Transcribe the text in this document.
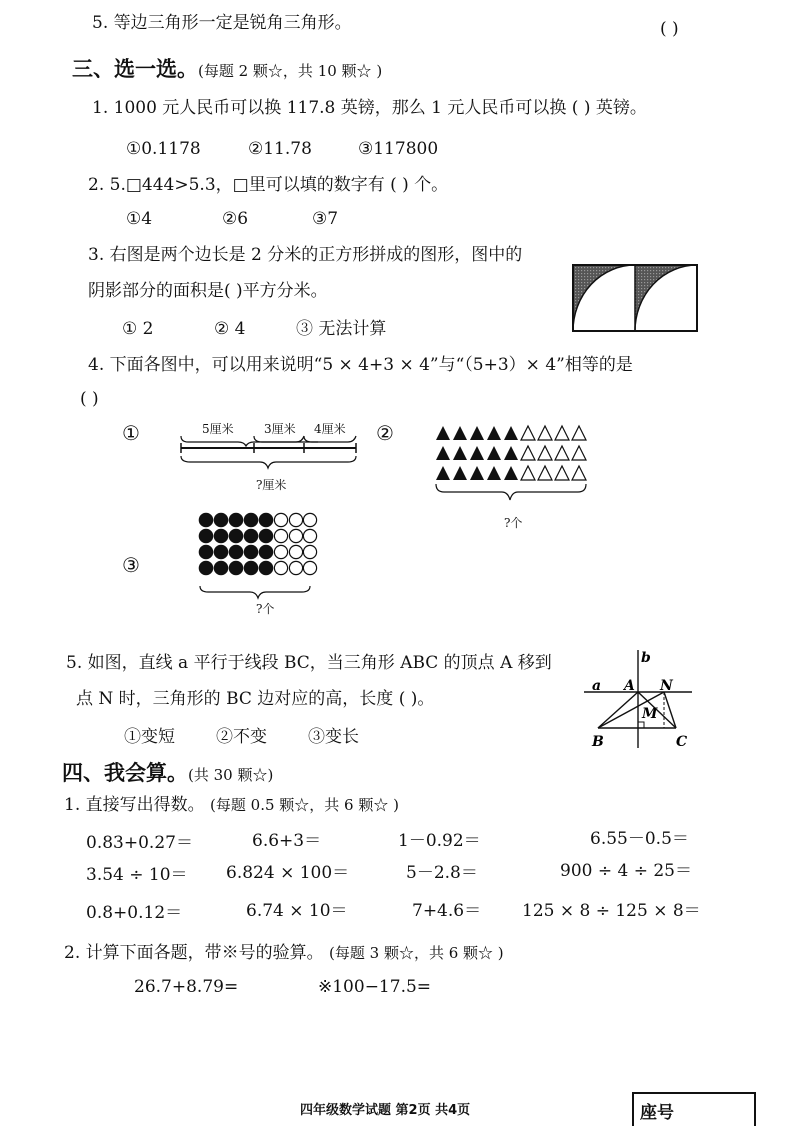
5. 等边三角形一定是锐角三角形。	( )
三、选一选。(每题 2 颗☆，共 10 颗☆ )
1. 1000 元人民币可以换 117.8 英镑，那么 1 元人民币可以换 ( ) 英镑。
①0.1178	②11.78	③117800
2. 5.□444>5.3，□里可以填的数字有 ( ) 个。
①4	②6	③7
3. 右图是两个边长是 2 分米的正方形拼成的图形，图中的
阴影部分的面积是( )平方分米。
① 2	② 4	③ 无法计算
4. 下面各图中，可以用来说明“5 × 4+3 × 4”与“（5+3）× 4”相等的是
( )
①	5厘米	3厘米 4厘米
?厘米
②
?个
③
?个
5. 如图，直线 a 平行于线段 BC，当三角形 ABC 的顶点 A 移到
点 N 时，三角形的 BC 边对应的高，长度 ( )。
①变短 ②不变 ③变长
a
b
A N
M
B	C
四、我会算。(共 30 颗☆)
1. 直接写出得数。 (每题 0.5 颗☆，共 6 颗☆ )
0.83+0.27＝	6.6+3＝	1－0.92＝	6.55－0.5＝
3.54 ÷ 10＝ 6.824 × 100＝	5－2.8＝	900 ÷ 4 ÷ 25＝
0.8+0.12＝	6.74 × 10＝	7+4.6＝ 125 × 8 ÷ 125 × 8＝
2. 计算下面各题，带※号的验算。 (每题 3 颗☆，共 6 颗☆ )
26.7+8.79=	※100−17.5=
四年级数学试题 第2页 共4页	座号
